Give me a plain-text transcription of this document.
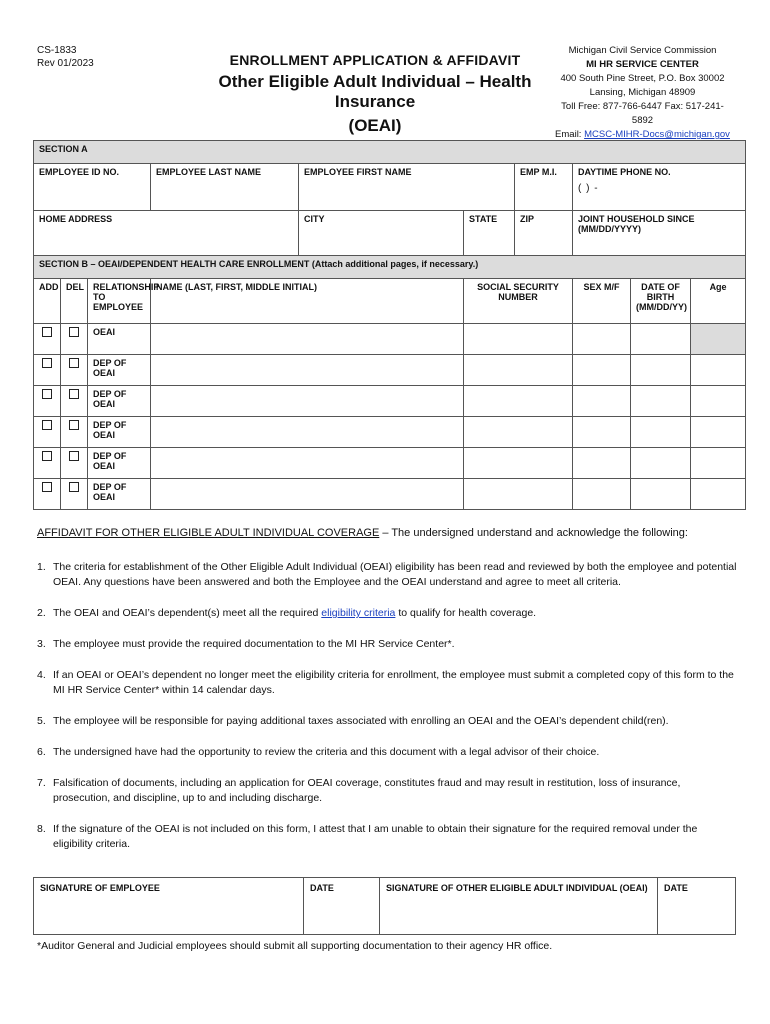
CS-1833
Rev 01/2023	ENROLLMENT APPLICATION & AFFIDAVIT
Other Eligible Adult Individual – Health Insurance
(OEAI)
Michigan Civil Service Commission
MI HR SERVICE CENTER
400 South Pine Street, P.O. Box 30002
Lansing, Michigan 48909
Toll Free: 877-766-6447 Fax: 517-241-5892
Email: MCSC-MIHR-Docs@michigan.gov
SECTION A									
EMPLOYEE ID NO.			EMPLOYEE LAST NAME	EMPLOYEE FIRST NAME		EMP M.I.	DAYTIME PHONE NO.
( ) -		

HOME ADDRESS				CITY	STATE	ZIP	JOINT HOUSEHOLD SINCE (MM/DD/YYYY)		
SECTION B – OEAI/DEPENDENT HEALTH CARE ENROLLMENT (Attach additional pages, if necessary.)									
ADD	DEL	RELATIONSHIP TO EMPLOYEE	NAME (LAST, FIRST, MIDDLE INITIAL)		SOCIAL SECURITY NUMBER		SEX M/F	DATE OF BIRTH (MM/DD/YY)	Age
		OEAI							
		DEP OF OEAI							
		DEP OF OEAI							
		DEP OF OEAI							
		DEP OF OEAI							
		DEP OF OEAI							
AFFIDAVIT FOR OTHER ELIGIBLE ADULT INDIVIDUAL COVERAGE – The undersigned understand and acknowledge the following:
1. The criteria for establishment of the Other Eligible Adult Individual (OEAI) eligibility has been read and reviewed by both the employee and potential OEAI. Any questions have been answered and both the Employee and the OEAI understand and agree to meet all criteria.
2. The OEAI and OEAI’s dependent(s) meet all the required eligibility criteria to qualify for health coverage.
3. The employee must provide the required documentation to the MI HR Service Center*.
4. If an OEAI or OEAI’s dependent no longer meet the eligibility criteria for enrollment, the employee must submit a completed copy of this form to the MI HR Service Center* within 14 calendar days.
5. The employee will be responsible for paying additional taxes associated with enrolling an OEAI and the OEAI’s dependent child(ren).
6. The undersigned have had the opportunity to review the criteria and this document with a legal advisor of their choice.
7. Falsification of documents, including an application for OEAI coverage, constitutes fraud and may result in restitution, loss of insurance, prosecution, and discipline, up to and including discharge.
8. If the signature of the OEAI is not included on this form, I attest that I am unable to obtain their signature for the required removal under the eligibility criteria.
SIGNATURE OF EMPLOYEE	DATE	SIGNATURE OF OTHER ELIGIBLE ADULT INDIVIDUAL (OEAI)	DATE
*Auditor General and Judicial employees should submit all supporting documentation to their agency HR office.
